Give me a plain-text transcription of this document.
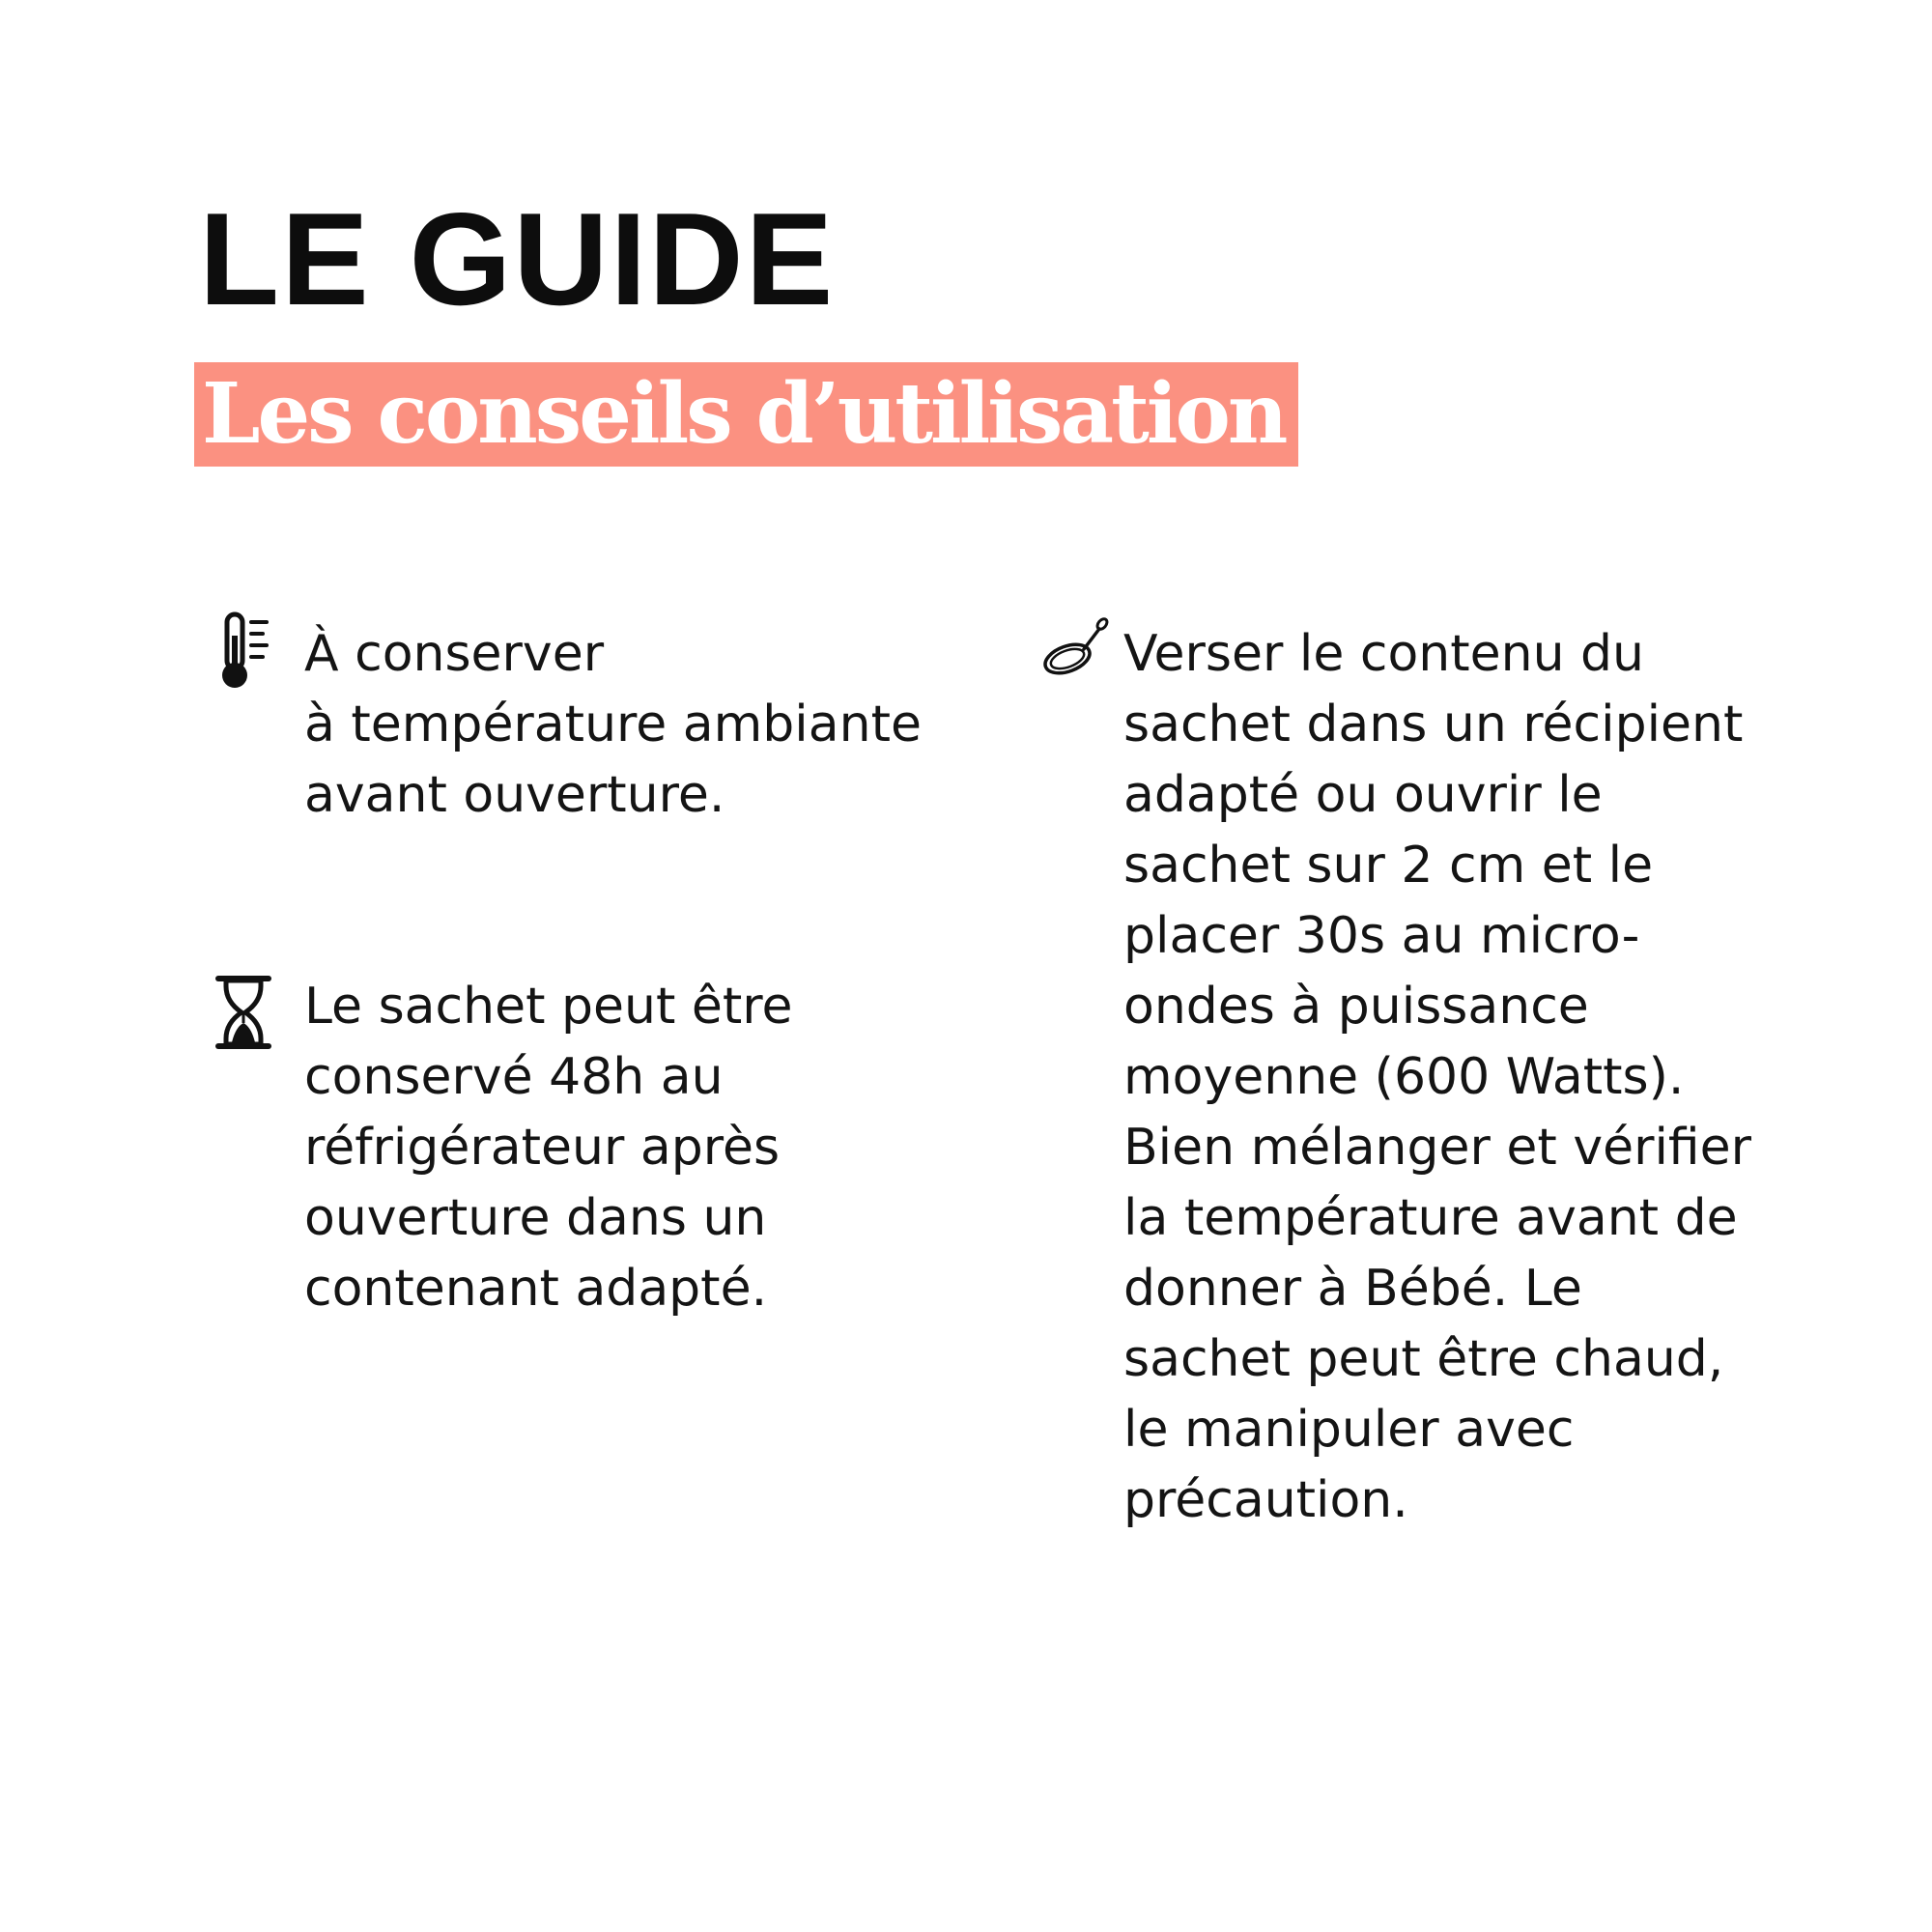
LE GUIDE
Les conseils d’utilisation

À conserver
à température ambiante
avant ouverture.

Le sachet peut être
conservé 48h au
réfrigérateur après
ouverture dans un
contenant adapté.

Verser le contenu du
sachet dans un récipient
adapté ou ouvrir le
sachet sur 2 cm et le
placer 30s au micro-
ondes à puissance
moyenne (600 Watts).
Bien mélanger et vérifier
la température avant de
donner à Bébé. Le
sachet peut être chaud,
le manipuler avec
précaution.
